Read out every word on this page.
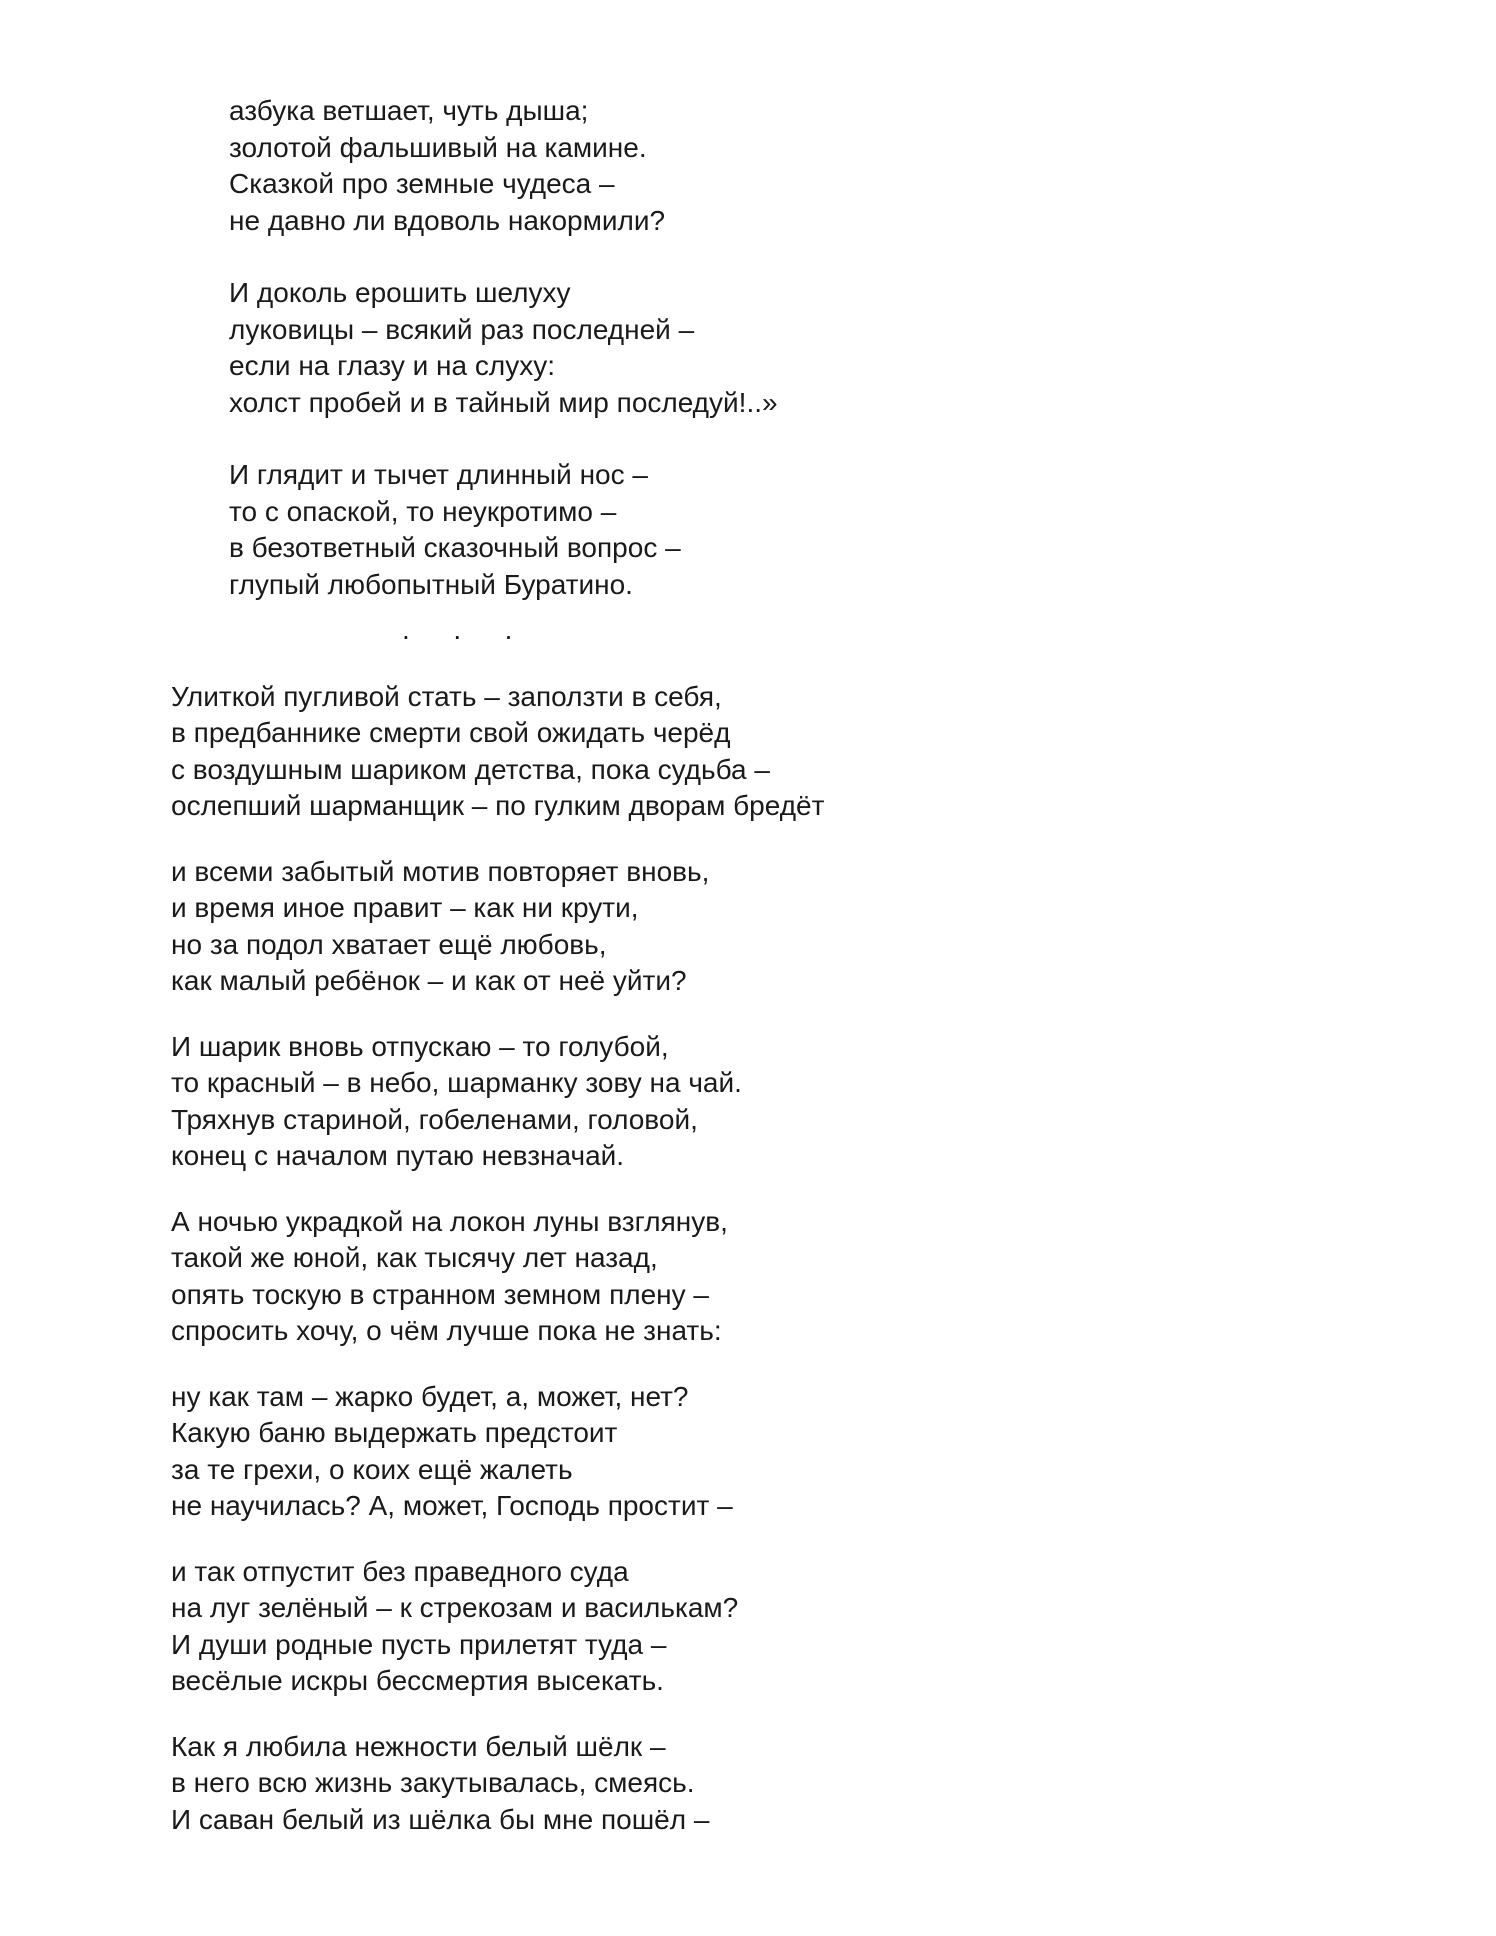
азбука ветшает, чуть дыша;
золотой фальшивый на камине.
Сказкой про земные чудеса –
не давно ли вдоволь накормили?
И доколь ерошить шелуху
луковицы – всякий раз последней –
если на глазу и на слуху:
холст пробей и в тайный мир последуй!..»
И глядит и тычет длинный нос –
то с опаской, то неукротимо –
в безответный сказочный вопрос –
глупый любопытный Буратино.
.  .  .
Улиткой пугливой стать – заползти в себя,
в предбаннике смерти свой ожидать черёд
с воздушным шариком детства, пока судьба –
ослепший шарманщик – по гулким дворам бредёт
и всеми забытый мотив повторяет вновь,
и время иное правит – как ни крути,
но за подол хватает ещё любовь,
как малый ребёнок – и как от неё уйти?
И шарик вновь отпускаю – то голубой,
то красный – в небо, шарманку зову на чай.
Тряхнув стариной, гобеленами, головой,
конец с началом путаю невзначай.
А ночью украдкой на локон луны взглянув,
такой же юной, как тысячу лет назад,
опять тоскую в странном земном плену –
спросить хочу, о чём лучше пока не знать:
ну как там – жарко будет, а, может, нет?
Какую баню выдержать предстоит
за те грехи, о коих ещё жалеть
не научилась? А, может, Господь простит –
и так отпустит без праведного суда
на луг зелёный – к стрекозам и василькам?
И души родные пусть прилетят туда –
весёлые искры бессмертия высекать.
Как я любила нежности белый шёлк –
в него всю жизнь закутывалась, смеясь.
И саван белый из шёлка бы мне пошёл –
